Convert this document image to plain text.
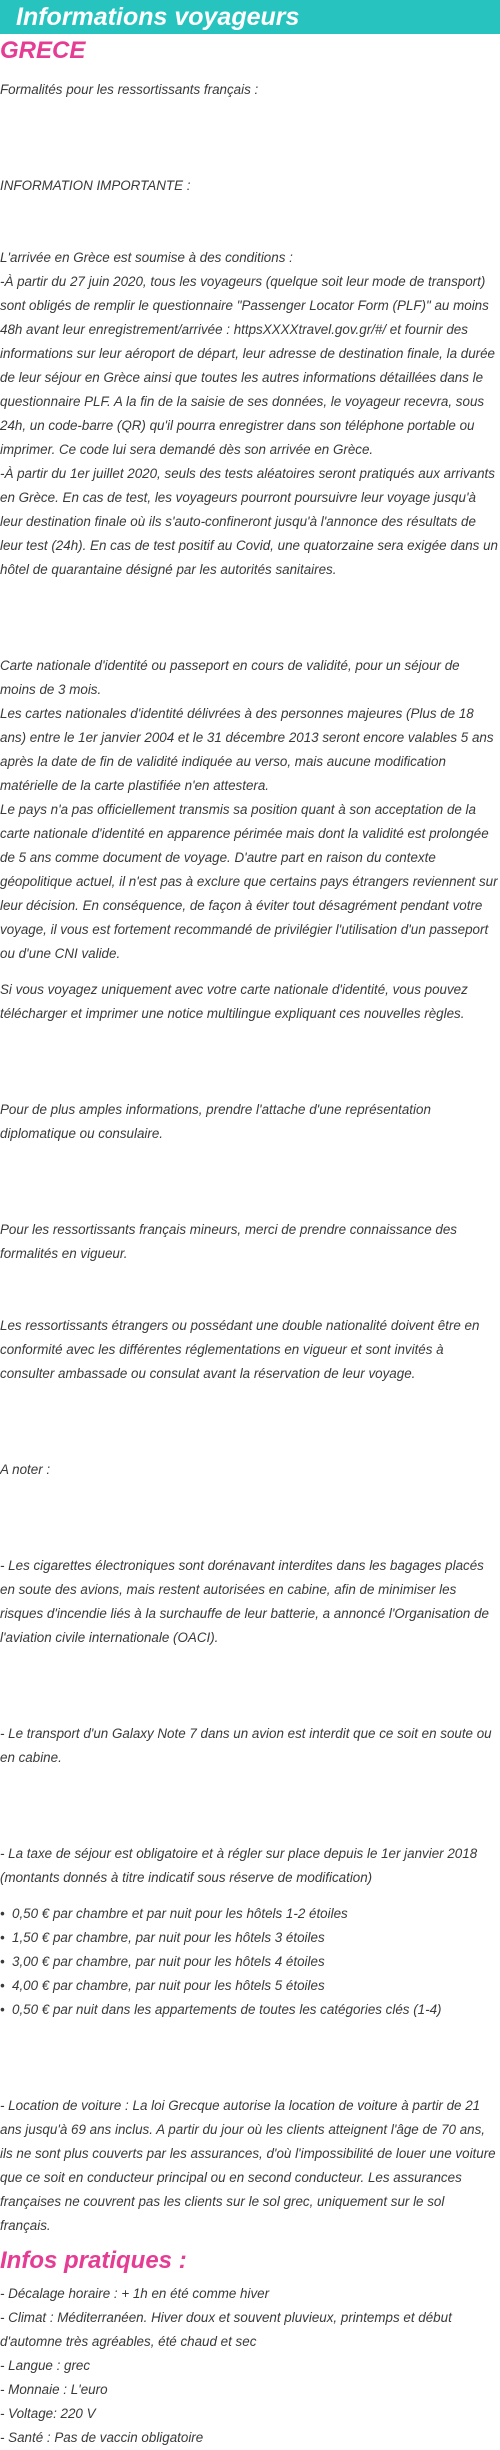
Informations voyageurs
GRECE

Formalités pour les ressortissants français :

INFORMATION IMPORTANTE :

L'arrivée en Grèce est soumise à des conditions :

-À partir du 27 juin 2020, tous les voyageurs (quelque soit leur mode de transport) sont obligés de remplir le questionnaire "Passenger Locator Form (PLF)" au moins 48h avant leur enregistrement/arrivée : httpsXXXXtravel.gov.gr/#/ et fournir des informations sur leur aéroport de départ, leur adresse de destination finale, la durée de leur séjour en Grèce ainsi que toutes les autres informations détaillées dans le questionnaire PLF. A la fin de la saisie de ses données, le voyageur recevra, sous 24h, un code-barre (QR) qu'il pourra enregistrer dans son téléphone portable ou imprimer. Ce code lui sera demandé dès son arrivée en Grèce.

-À partir du 1er juillet 2020, seuls des tests aléatoires seront pratiqués aux arrivants en Grèce. En cas de test, les voyageurs pourront poursuivre leur voyage jusqu'à leur destination finale où ils s'auto-confineront jusqu'à l'annonce des résultats de leur test (24h). En cas de test positif au Covid, une quatorzaine sera exigée dans un hôtel de quarantaine désigné par les autorités sanitaires.

Carte nationale d'identité ou passeport en cours de validité, pour un séjour de moins de 3 mois.

Les cartes nationales d'identité délivrées à des personnes majeures (Plus de 18 ans) entre le 1er janvier 2004 et le 31 décembre 2013 seront encore valables 5 ans après la date de fin de validité indiquée au verso, mais aucune modification matérielle de la carte plastifiée n'en attestera.

Le pays n'a pas officiellement transmis sa position quant à son acceptation de la carte nationale d'identité en apparence périmée mais dont la validité est prolongée de 5 ans comme document de voyage. D'autre part en raison du contexte géopolitique actuel, il n'est pas à exclure que certains pays étrangers reviennent sur leur décision. En conséquence, de façon à éviter tout désagrément pendant votre voyage, il vous est fortement recommandé de privilégier l'utilisation d'un passeport ou d'une CNI valide.

Si vous voyagez uniquement avec votre carte nationale d'identité, vous pouvez télécharger et imprimer une notice multilingue expliquant ces nouvelles règles.

Pour de plus amples informations, prendre l'attache d'une représentation diplomatique ou consulaire.

Pour les ressortissants français mineurs, merci de prendre connaissance des formalités en vigueur.

Les ressortissants étrangers ou possédant une double nationalité doivent être en conformité avec les différentes réglementations en vigueur et sont invités à consulter ambassade ou consulat avant la réservation de leur voyage.

A noter :

- Les cigarettes électroniques sont dorénavant interdites dans les bagages placés en soute des avions, mais restent autorisées en cabine, afin de minimiser les risques d'incendie liés à la surchauffe de leur batterie, a annoncé l'Organisation de l'aviation civile internationale (OACI).

- Le transport d'un Galaxy Note 7 dans un avion est interdit que ce soit en soute ou en cabine.

- La taxe de séjour est obligatoire et à régler sur place depuis le 1er janvier 2018 (montants donnés à titre indicatif sous réserve de modification)

• 0,50 € par chambre et par nuit pour les hôtels 1-2 étoiles
• 1,50 € par chambre, par nuit pour les hôtels 3 étoiles
• 3,00 € par chambre, par nuit pour les hôtels 4 étoiles
• 4,00 € par chambre, par nuit pour les hôtels 5 étoiles
• 0,50 € par nuit dans les appartements de toutes les catégories clés (1-4)

- Location de voiture : La loi Grecque autorise la location de voiture à partir de 21 ans jusqu'à 69 ans inclus. A partir du jour où les clients atteignent l'âge de 70 ans, ils ne sont plus couverts par les assurances, d'où l'impossibilité de louer une voiture que ce soit en conducteur principal ou en second conducteur. Les assurances françaises ne couvrent pas les clients sur le sol grec, uniquement sur le sol français.

Infos pratiques :

- Décalage horaire : + 1h en été comme hiver

- Climat : Méditerranéen. Hiver doux et souvent pluvieux, printemps et début d'automne très agréables, été chaud et sec

- Langue : grec

- Monnaie : L'euro

- Voltage: 220 V

- Santé : Pas de vaccin obligatoire
